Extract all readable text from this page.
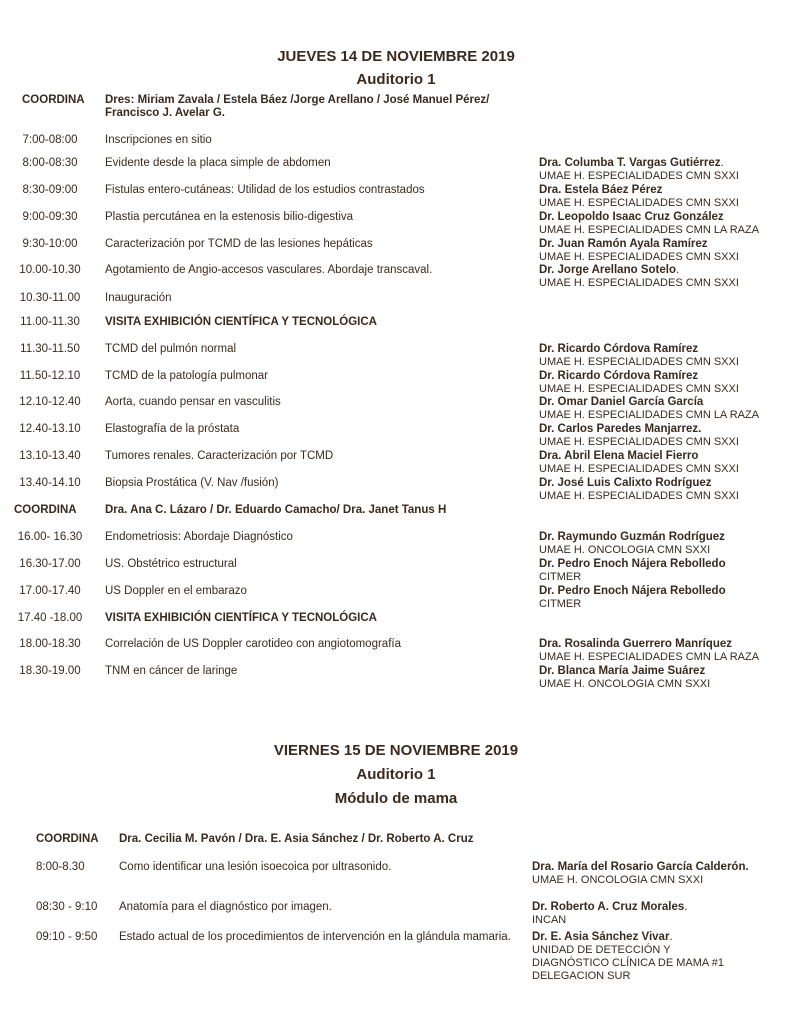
JUEVES 14 DE NOVIEMBRE 2019
Auditorio 1
COORDINA Dres: Miriam Zavala / Estela Báez /Jorge Arellano / José Manuel Pérez/
Francisco J. Avelar G.
7:00-08:00	Inscripciones en sitio
8:00-08:30	Evidente desde la placa simple de abdomen	Dra. Columba T. Vargas Gutiérrez.
UMAE H. ESPECIALIDADES CMN SXXI
8:30-09:00	Fistulas entero-cutáneas: Utilidad de los estudios contrastados	Dra. Estela Báez Pérez
UMAE H. ESPECIALIDADES CMN SXXI
9:00-09:30	Plastia percutánea en la estenosis bilio-digestiva	Dr. Leopoldo Isaac Cruz González
UMAE H. ESPECIALIDADES CMN LA RAZA
9:30-10:00	Caracterización por TCMD de las lesiones hepáticas	Dr. Juan Ramón Ayala Ramírez
UMAE H. ESPECIALIDADES CMN SXXI
10.00-10.30	Agotamiento de Angio-accesos vasculares. Abordaje transcaval.	Dr. Jorge Arellano Sotelo.
UMAE H. ESPECIALIDADES CMN SXXI
10.30-11.00	Inauguración
11.00-11.30	VISITA EXHIBICIÓN CIENTÍFICA Y TECNOLÓGICA
11.30-11.50	TCMD del pulmón normal	Dr. Ricardo Córdova Ramírez
UMAE H. ESPECIALIDADES CMN SXXI
11.50-12.10	TCMD de la patología pulmonar	Dr. Ricardo Córdova Ramírez
UMAE H. ESPECIALIDADES CMN SXXI
12.10-12.40	Aorta, cuando pensar en vasculitis	Dr. Omar Daniel García García
UMAE H. ESPECIALIDADES CMN LA RAZA
12.40-13.10	Elastografía de la próstata	Dr. Carlos Paredes Manjarrez.
UMAE H. ESPECIALIDADES CMN SXXI
13.10-13.40	Tumores renales. Caracterización por TCMD	Dra. Abril Elena Maciel Fierro
UMAE H. ESPECIALIDADES CMN SXXI
13.40-14.10	Biopsia Prostática (V. Nav /fusión)	Dr. José Luis Calixto Rodríguez
UMAE H. ESPECIALIDADES CMN SXXI
COORDINA Dra. Ana C. Lázaro / Dr. Eduardo Camacho/ Dra. Janet Tanus H
16.00- 16.30	Endometriosis: Abordaje Diagnóstico	Dr. Raymundo Guzmán Rodríguez
UMAE H. ONCOLOGIA CMN SXXI
16.30-17.00	US. Obstétrico estructural	Dr. Pedro Enoch Nájera Rebolledo
CITMER
17.00-17.40	US Doppler en el embarazo	Dr. Pedro Enoch Nájera Rebolledo
CITMER
17.40 -18.00	VISITA EXHIBICIÓN CIENTÍFICA Y TECNOLÓGICA
18.00-18.30	Correlación de US Doppler carotideo con angiotomografía	Dra. Rosalinda Guerrero Manríquez
UMAE H. ESPECIALIDADES CMN LA RAZA
18.30-19.00	TNM en cáncer de laringe	Dr. Blanca María Jaime Suárez
UMAE H. ONCOLOGIA CMN SXXI
VIERNES 15 DE NOVIEMBRE 2019
Auditorio 1
Módulo de mama
COORDINA Dra. Cecilia M. Pavón / Dra. E. Asia Sánchez / Dr. Roberto A. Cruz
8:00-8.30	Como identificar una lesión isoecoica por ultrasonido.	Dra. María del Rosario García Calderón.
UMAE H. ONCOLOGIA CMN SXXI
08:30 - 9:10	Anatomía para el diagnóstico por imagen.	Dr. Roberto A. Cruz Morales.
INCAN
09:10 - 9:50	Estado actual de los procedimientos de intervención en la glándula mamaria. Dr. E. Asia Sánchez Vivar.
UNIDAD DE DETECCIÓN Y
DIAGNÓSTICO CLÍNICA DE MAMA #1
DELEGACION SUR
